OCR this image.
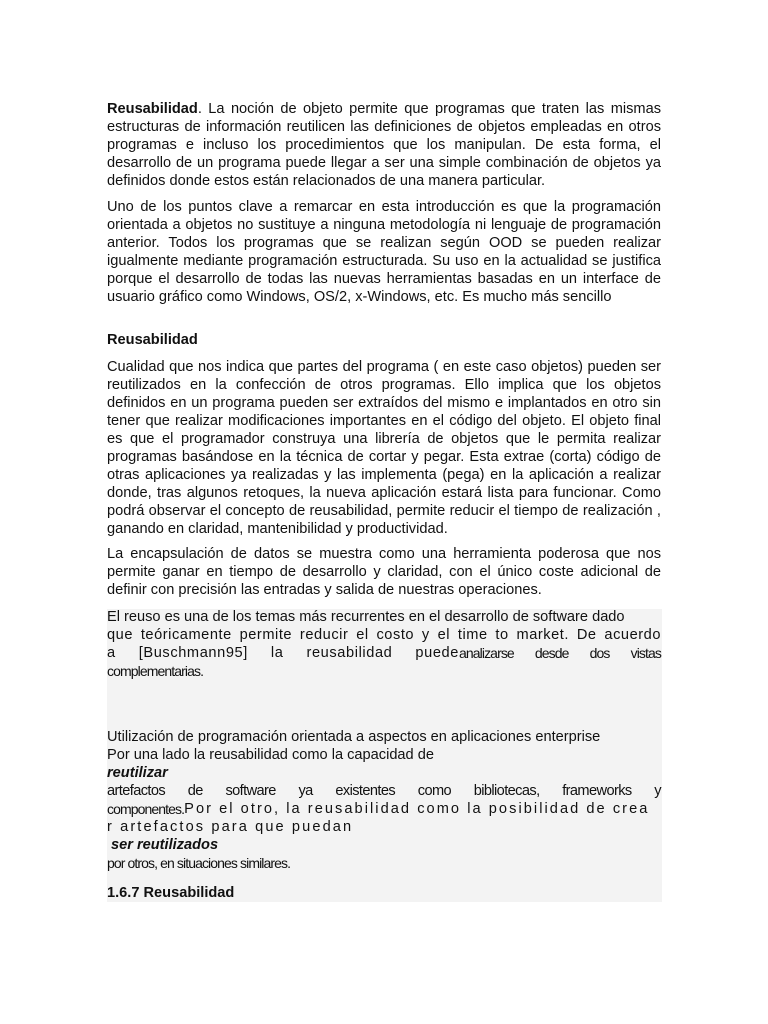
Reusabilidad. La noción de objeto permite que programas que traten las mismas estructuras de información reutilicen las definiciones de objetos empleadas en otros programas e incluso los procedimientos que los manipulan. De esta forma, el desarrollo de un programa puede llegar a ser una simple combinación de objetos ya definidos donde estos están relacionados de una manera particular.

Uno de los puntos clave a remarcar en esta introducción es que la programación orientada a objetos no sustituye a ninguna metodología ni lenguaje de programación anterior. Todos los programas que se realizan según OOD se pueden realizar igualmente mediante programación estructurada. Su uso en la actualidad se justifica porque el desarrollo de todas las nuevas herramientas basadas en un interface de usuario gráfico como Windows, OS/2, x-Windows, etc. Es mucho más sencillo

Reusabilidad

Cualidad que nos indica que partes del programa ( en este caso objetos) pueden ser reutilizados en la confección de otros programas. Ello implica que los objetos definidos en un programa pueden ser extraídos del mismo e implantados en otro sin tener que realizar modificaciones importantes en el código del objeto. El objeto final es que el programador construya una librería de objetos que le permita realizar programas basándose en la técnica de cortar y pegar. Esta extrae (corta) código de otras aplicaciones ya realizadas y las implementa (pega) en la aplicación a realizar donde, tras algunos retoques, la nueva aplicación estará lista para funcionar. Como podrá observar el concepto de reusabilidad, permite reducir el tiempo de realización , ganando en claridad, mantenibilidad y productividad.

La encapsulación de datos se muestra como una herramienta poderosa que nos permite ganar en tiempo de desarrollo y claridad, con el único coste adicional de definir con precisión las entradas y salida de nuestras operaciones.

El reuso es una de los temas más recurrentes en el desarrollo de software dado
que teóricamente permite reducir el costo y el time to market. De acuerdo
a [Buschmann95] la reusabilidad puede analizarse desde dos vistas
complementarias.
Utilización de programación orientada a aspectos en aplicaciones enterprise
Por una lado la reusabilidad como la capacidad de
reutilizar
artefactos de software ya existentes como bibliotecas, frameworks y
componentes. Por el otro, la reusabilidad como la posibilidad de crea
r artefactos para que puedan
ser reutilizados
por otros, en situaciones similares.

1.6.7 Reusabilidad
